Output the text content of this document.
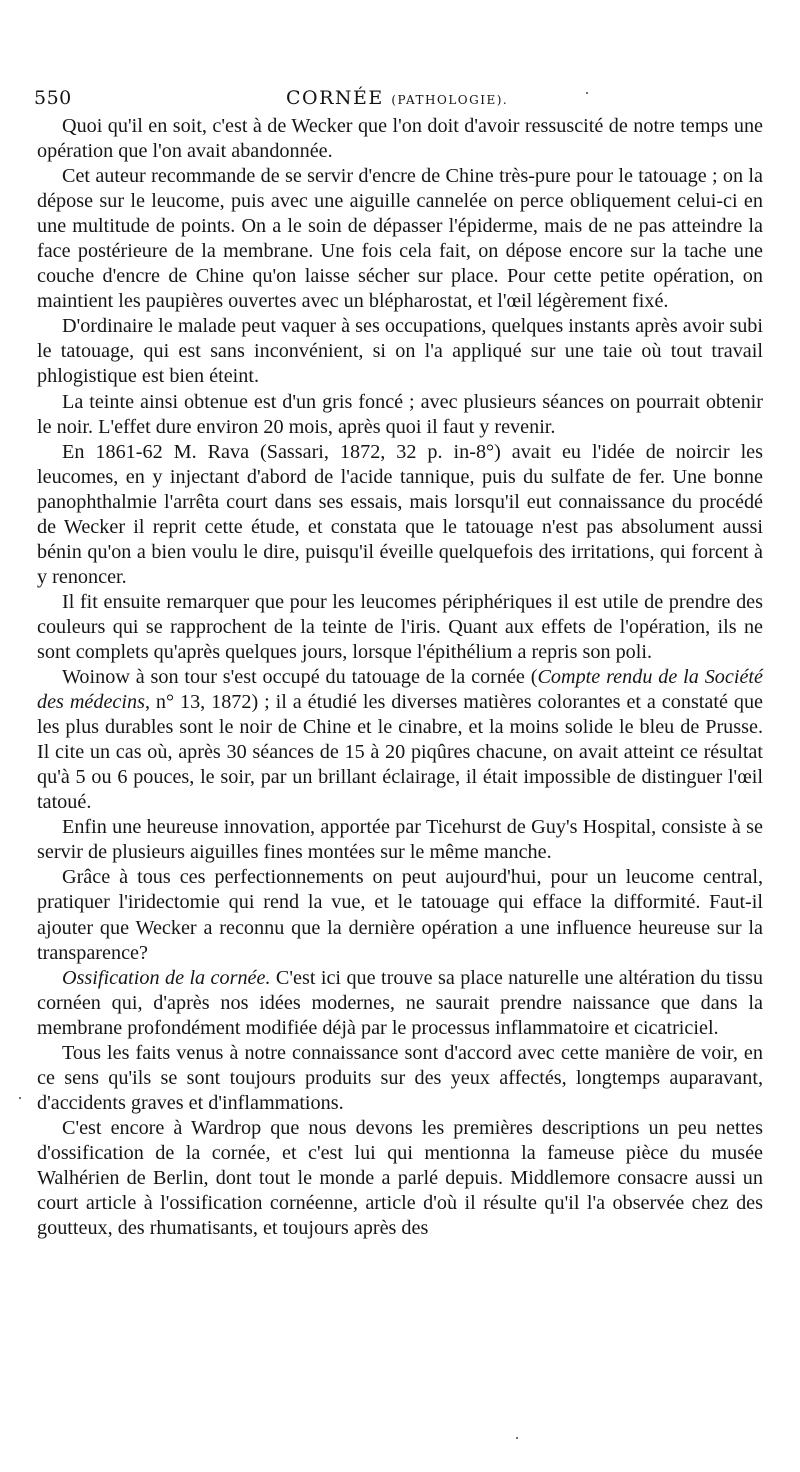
550	CORNÉE (PATHOLOGIE).

Quoi qu'il en soit, c'est à de Wecker que l'on doit d'avoir ressuscité de notre temps une opération que l'on avait abandonnée.

Cet auteur recommande de se servir d'encre de Chine très-pure pour le tatouage ; on la dépose sur le leucome, puis avec une aiguille cannelée on perce obliquement celui-ci en une multitude de points. On a le soin de dépasser l'épiderme, mais de ne pas atteindre la face postérieure de la membrane. Une fois cela fait, on dépose encore sur la tache une couche d'encre de Chine qu'on laisse sécher sur place. Pour cette petite opération, on maintient les paupières ouvertes avec un blépharostat, et l'œil légèrement fixé.

D'ordinaire le malade peut vaquer à ses occupations, quelques instants après avoir subi le tatouage, qui est sans inconvénient, si on l'a appliqué sur une taie où tout travail phlogistique est bien éteint.

La teinte ainsi obtenue est d'un gris foncé ; avec plusieurs séances on pourrait obtenir le noir. L'effet dure environ 20 mois, après quoi il faut y revenir.

En 1861-62 M. Rava (Sassari, 1872, 32 p. in-8°) avait eu l'idée de noircir les leucomes, en y injectant d'abord de l'acide tannique, puis du sulfate de fer. Une bonne panophthalmie l'arrêta court dans ses essais, mais lorsqu'il eut connaissance du procédé de Wecker il reprit cette étude, et constata que le tatouage n'est pas absolument aussi bénin qu'on a bien voulu le dire, puisqu'il éveille quelquefois des irritations, qui forcent à y renoncer.

Il fit ensuite remarquer que pour les leucomes périphériques il est utile de prendre des couleurs qui se rapprochent de la teinte de l'iris. Quant aux effets de l'opération, ils ne sont complets qu'après quelques jours, lorsque l'épithélium a repris son poli.

Woinow à son tour s'est occupé du tatouage de la cornée (Compte rendu de la Société des médecins, n° 13, 1872) ; il a étudié les diverses matières colorantes et a constaté que les plus durables sont le noir de Chine et le cinabre, et la moins solide le bleu de Prusse. Il cite un cas où, après 30 séances de 15 à 20 piqûres chacune, on avait atteint ce résultat qu'à 5 ou 6 pouces, le soir, par un brillant éclairage, il était impossible de distinguer l'œil tatoué.

Enfin une heureuse innovation, apportée par Ticehurst de Guy's Hospital, consiste à se servir de plusieurs aiguilles fines montées sur le même manche.

Grâce à tous ces perfectionnements on peut aujourd'hui, pour un leucome central, pratiquer l'iridectomie qui rend la vue, et le tatouage qui efface la difformité. Faut-il ajouter que Wecker a reconnu que la dernière opération a une influence heureuse sur la transparence?

Ossification de la cornée. C'est ici que trouve sa place naturelle une altération du tissu cornéen qui, d'après nos idées modernes, ne saurait prendre naissance que dans la membrane profondément modifiée déjà par le processus inflammatoire et cicatriciel.

Tous les faits venus à notre connaissance sont d'accord avec cette manière de voir, en ce sens qu'ils se sont toujours produits sur des yeux affectés, longtemps auparavant, d'accidents graves et d'inflammations.

C'est encore à Wardrop que nous devons les premières descriptions un peu nettes d'ossification de la cornée, et c'est lui qui mentionna la fameuse pièce du musée Walhérien de Berlin, dont tout le monde a parlé depuis. Middlemore consacre aussi un court article à l'ossification cornéenne, article d'où il résulte qu'il l'a observée chez des goutteux, des rhumatisants, et toujours après des
